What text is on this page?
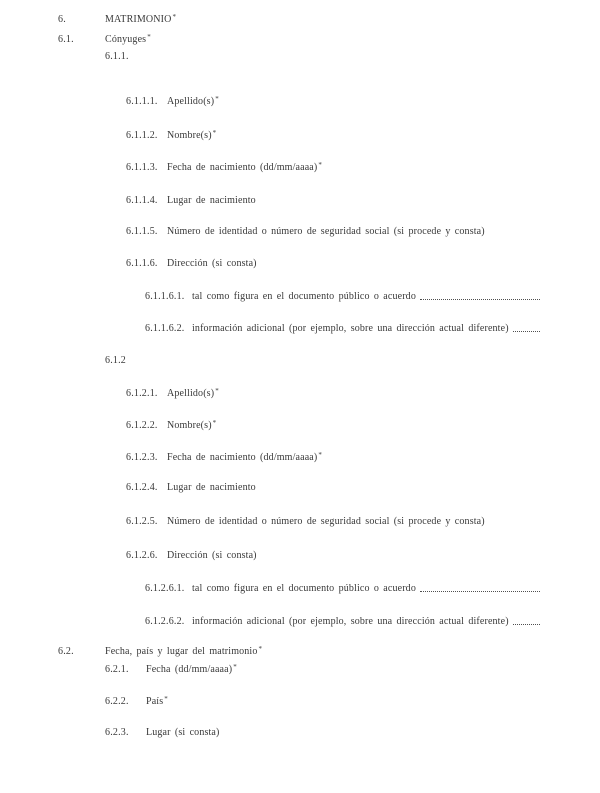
6.	MATRIMONIO*
6.1.	Cónyuges*
6.1.1.
6.1.1.1. Apellido(s)*
6.1.1.2. Nombre(s)*
6.1.1.3. Fecha de nacimiento (dd/mm/aaaa)*
6.1.1.4. Lugar de nacimiento
6.1.1.5. Número de identidad o número de seguridad social (si procede y consta)
6.1.1.6. Dirección (si consta)
6.1.1.6.1. tal como figura en el documento público o acuerdo
6.1.1.6.2. información adicional (por ejemplo, sobre una dirección actual diferente)
6.1.2
6.1.2.1. Apellido(s)*
6.1.2.2. Nombre(s)*
6.1.2.3. Fecha de nacimiento (dd/mm/aaaa)*
6.1.2.4. Lugar de nacimiento
6.1.2.5. Número de identidad o número de seguridad social (si procede y consta)
6.1.2.6. Dirección (si consta)
6.1.2.6.1. tal como figura en el documento público o acuerdo
6.1.2.6.2. información adicional (por ejemplo, sobre una dirección actual diferente)
6.2.	Fecha, país y lugar del matrimonio*
6.2.1.	Fecha (dd/mm/aaaa)*
6.2.2.	País*
6.2.3.	Lugar (si consta)
